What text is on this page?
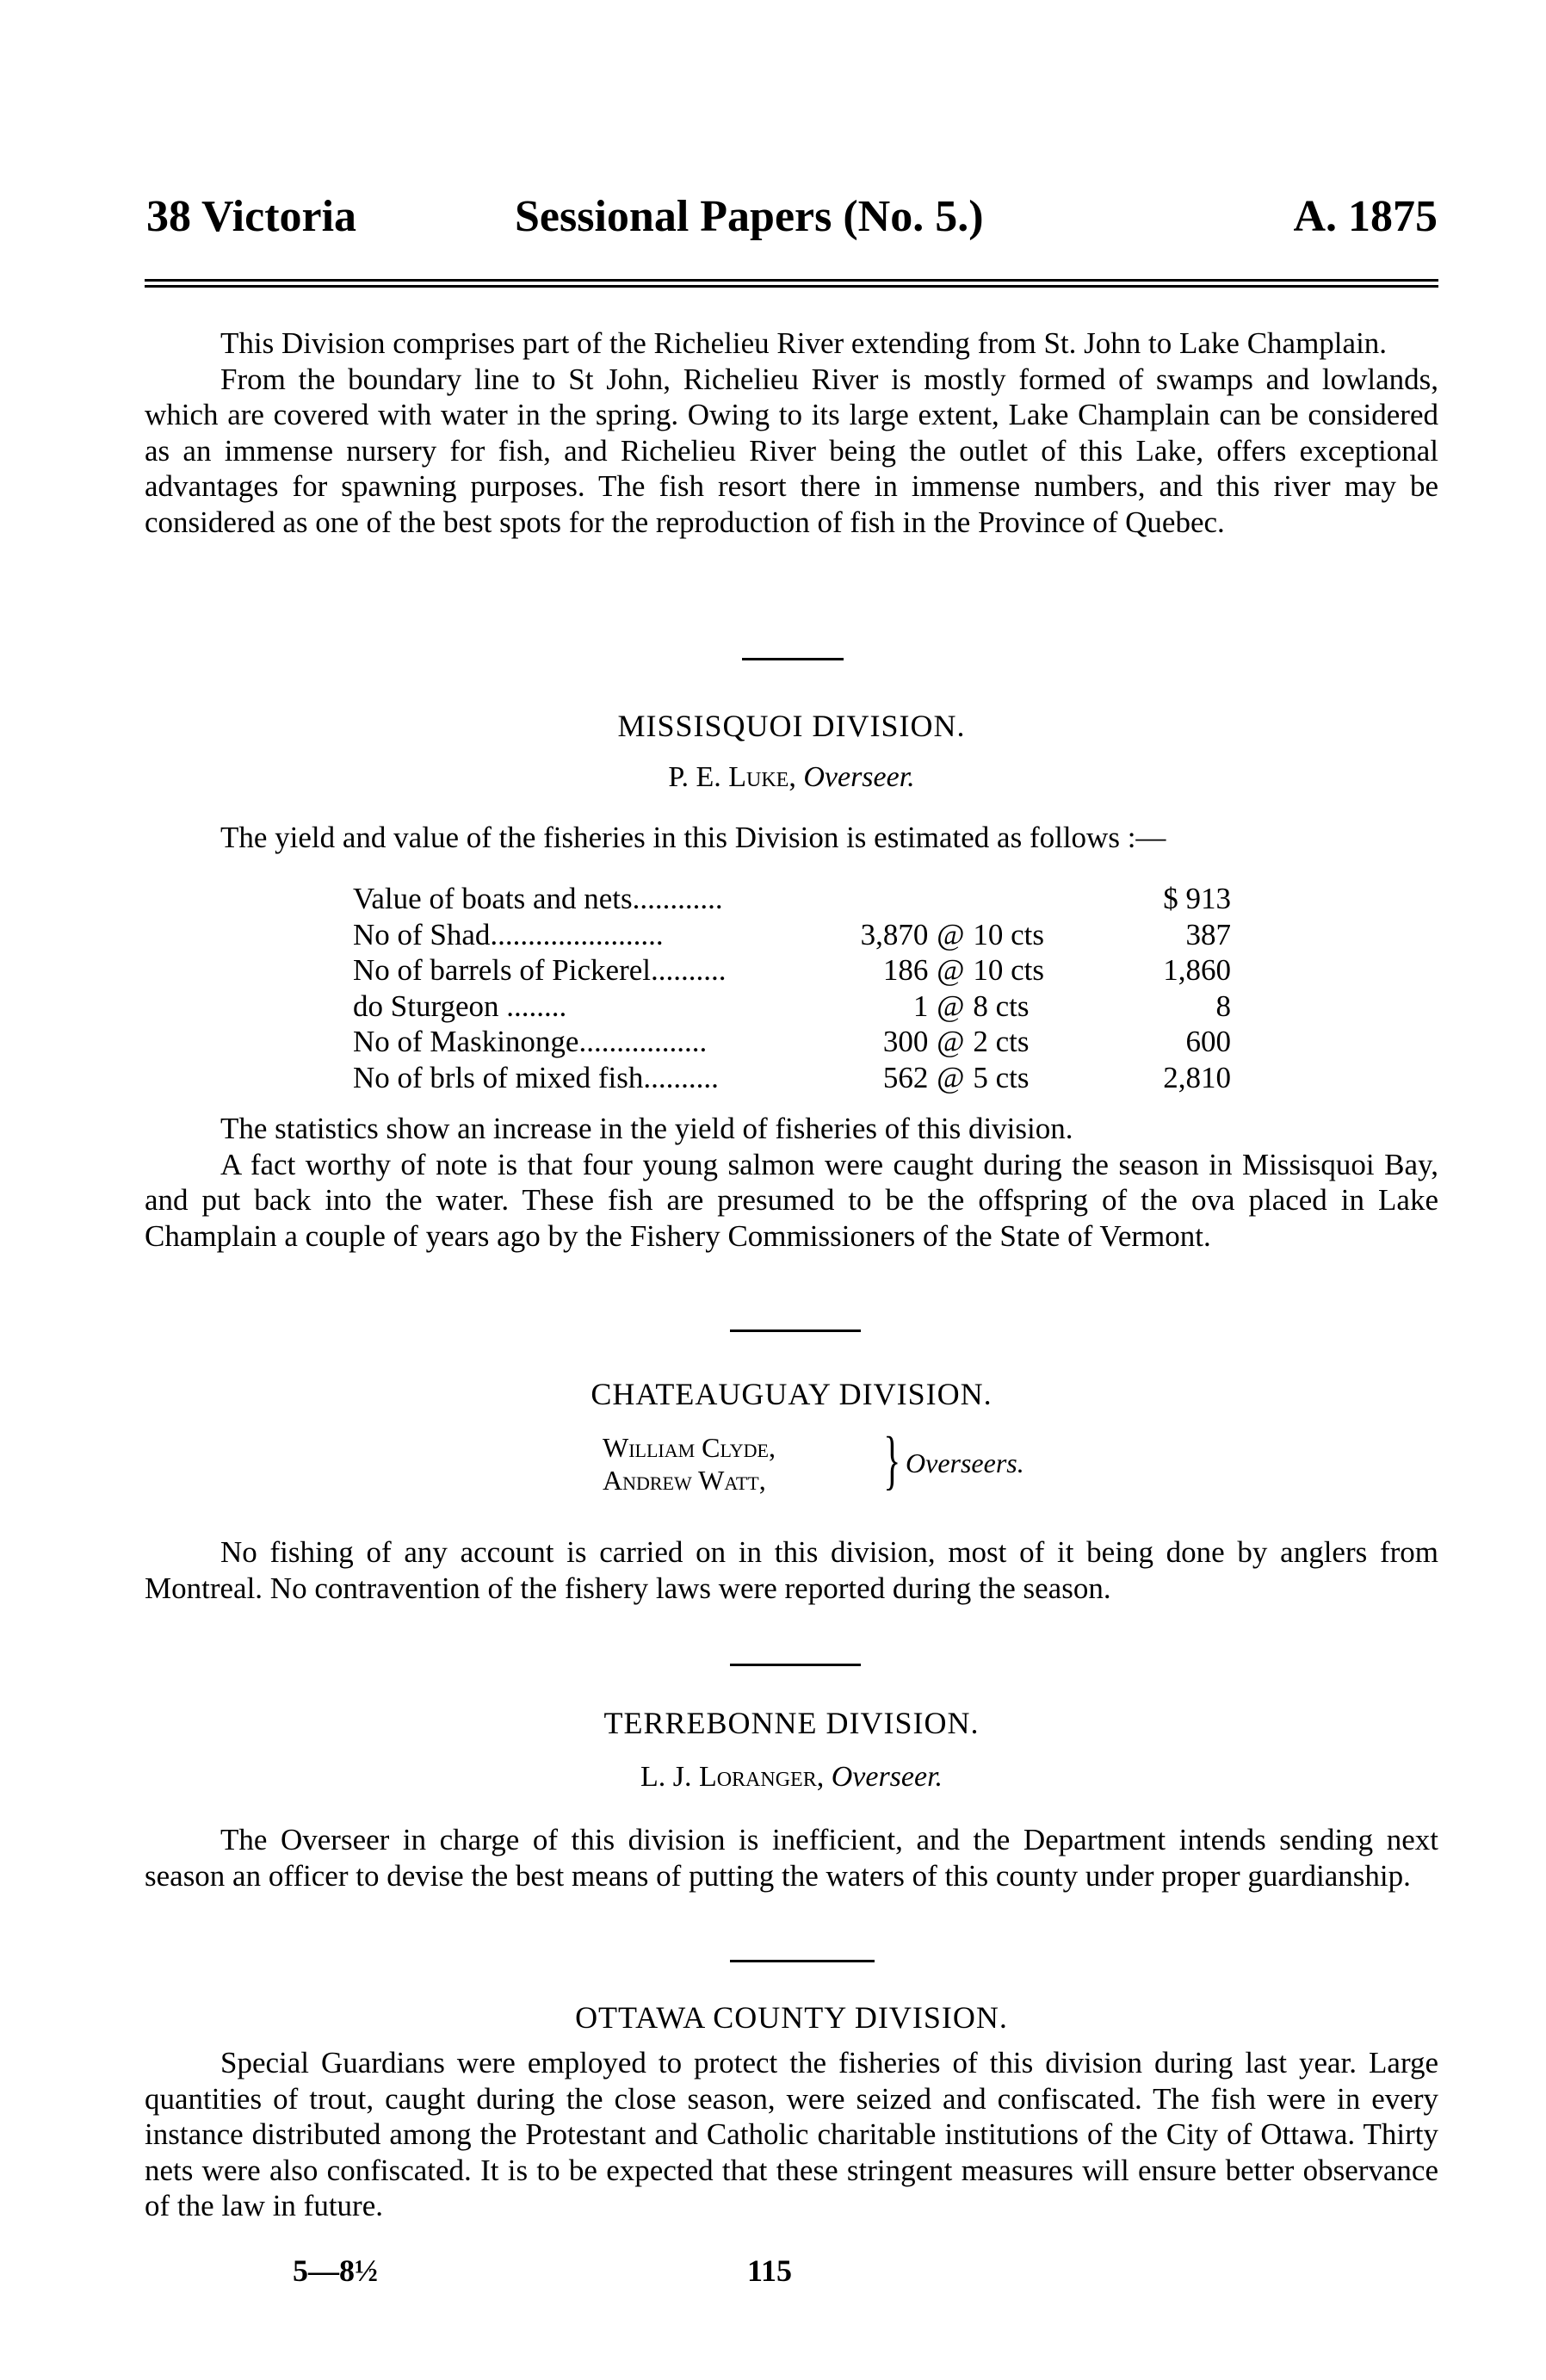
38 Victoria	Sessional Papers (No. 5.)	A. 1875

This Division comprises part of the Richelieu River extending from St. John to Lake Champlain.

From the boundary line to St John, Richelieu River is mostly formed of swamps and lowlands, which are covered with water in the spring. Owing to its large extent, Lake Champlain can be considered as an immense nursery for fish, and Richelieu River being the outlet of this Lake, offers exceptional advantages for spawning purposes. The fish resort there in immense numbers, and this river may be considered as one of the best spots for the reproduction of fish in the Province of Quebec.

MISSISQUOI DIVISION.
P. E. Luke, Overseer.
The yield and value of the fisheries in this Division is estimated as follows :—
Value of boats and nets............				$ 913
No of Shad.......................	3,870	@	10 cts	387
No of barrels of Pickerel..........	186	@	10 cts	1,860
do Sturgeon ........	1	@	8 cts	8
No of Maskinonge.................	300	@	2 cts	600
No of brls of mixed fish..........	562	@	5 cts	2,810

The statistics show an increase in the yield of fisheries of this division.

A fact worthy of note is that four young salmon were caught during the season in Missisquoi Bay, and put back into the water. These fish are presumed to be the offspring of the ova placed in Lake Champlain a couple of years ago by the Fishery Commissioners of the State of Vermont.

CHATEAUGUAY DIVISION.
William Clyde,
Andrew Watt, } Overseers.

No fishing of any account is carried on in this division, most of it being done by anglers from Montreal. No contravention of the fishery laws were reported during the season.

TERREBONNE DIVISION.
L. J. Loranger, Overseer.

The Overseer in charge of this division is inefficient, and the Department intends sending next season an officer to devise the best means of putting the waters of this county under proper guardianship.

OTTAWA COUNTY DIVISION.

Special Guardians were employed to protect the fisheries of this division during last year. Large quantities of trout, caught during the close season, were seized and confiscated. The fish were in every instance distributed among the Protestant and Catholic charitable institutions of the City of Ottawa. Thirty nets were also confiscated. It is to be expected that these stringent measures will ensure better observance of the law in future.

5—8½	115
